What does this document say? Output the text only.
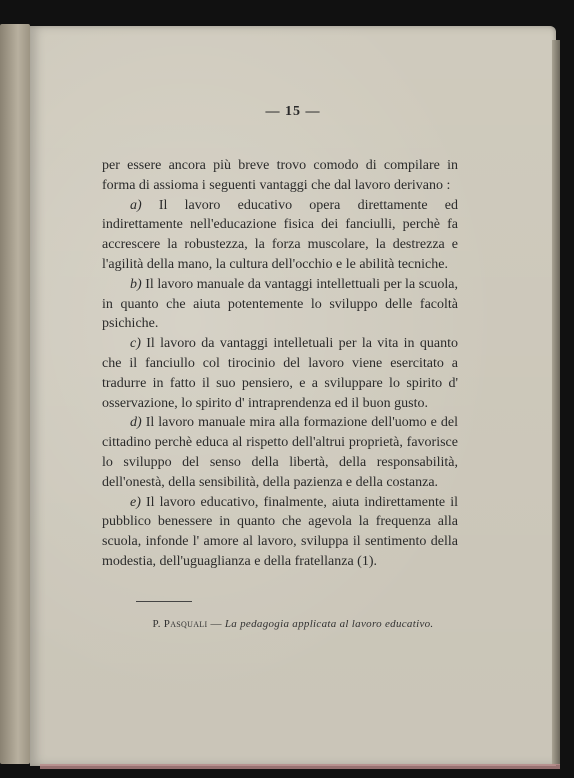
— 15 —

per essere ancora più breve trovo comodo di compilare in forma di assioma i seguenti vantaggi che dal lavoro derivano :

a) Il lavoro educativo opera direttamente ed indirettamente nell'educazione fisica dei fanciulli, perchè fa accrescere la robustezza, la forza muscolare, la destrezza e l'agilità della mano, la cultura dell'occhio e le abilità tecniche.

b) Il lavoro manuale da vantaggi intellettuali per la scuola, in quanto che aiuta potentemente lo sviluppo delle facoltà psichiche.

c) Il lavoro da vantaggi intelletuali per la vita in quanto che il fanciullo col tirocinio del lavoro viene esercitato a tradurre in fatto il suo pensiero, e a sviluppare lo spirito d' osservazione, lo spirito d' intraprendenza ed il buon gusto.

d) Il lavoro manuale mira alla formazione dell'uomo e del cittadino perchè educa al rispetto dell'altrui proprietà, favorisce lo sviluppo del senso della libertà, della responsabilità, dell'onestà, della sensibilità, della pazienza e della costanza.

e) Il lavoro educativo, finalmente, aiuta indirettamente il pubblico benessere in quanto che agevola la frequenza alla scuola, infonde l' amore al lavoro, sviluppa il sentimento della modestia, dell'uguaglianza e della fratellanza (1).

P. Pasquali — La pedagogia applicata al lavoro educativo.
